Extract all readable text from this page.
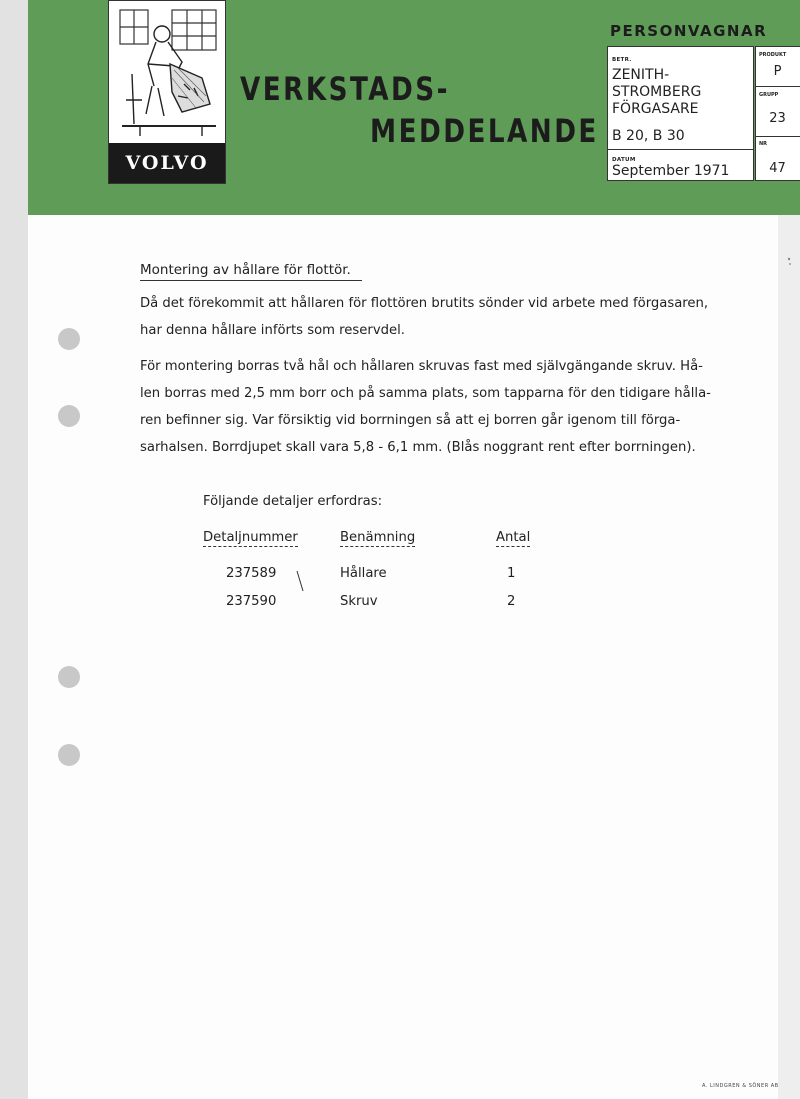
VOLVO
VERKSTADS-
MEDDELANDE
PERSONVAGNAR
BETR.
ZENITH-
STROMBERG
FÖRGASARE
B 20, B 30
DATUM
September 1971
PRODUKT
P
GRUPP
23
NR
47
Montering av hållare för flottör.
Då det förekommit att hållaren för flottören brutits sönder vid arbete med förgasaren,
har denna hållare införts som reservdel.
För montering borras två hål och hållaren skruvas fast med självgängande skruv. Hå-
len borras med 2,5 mm borr och på samma plats, som tapparna för den tidigare hålla-
ren befinner sig. Var försiktig vid borrningen så att ej borren går igenom till förga-
sarhalsen. Borrdjupet skall vara 5,8 - 6,1 mm. (Blås noggrant rent efter borrningen).
Följande detaljer erfordras:
Detaljnummer	Benämning	Antal
237589	Hållare	1
237590	Skruv	2
A. LINDGREN & SÖNER AB
